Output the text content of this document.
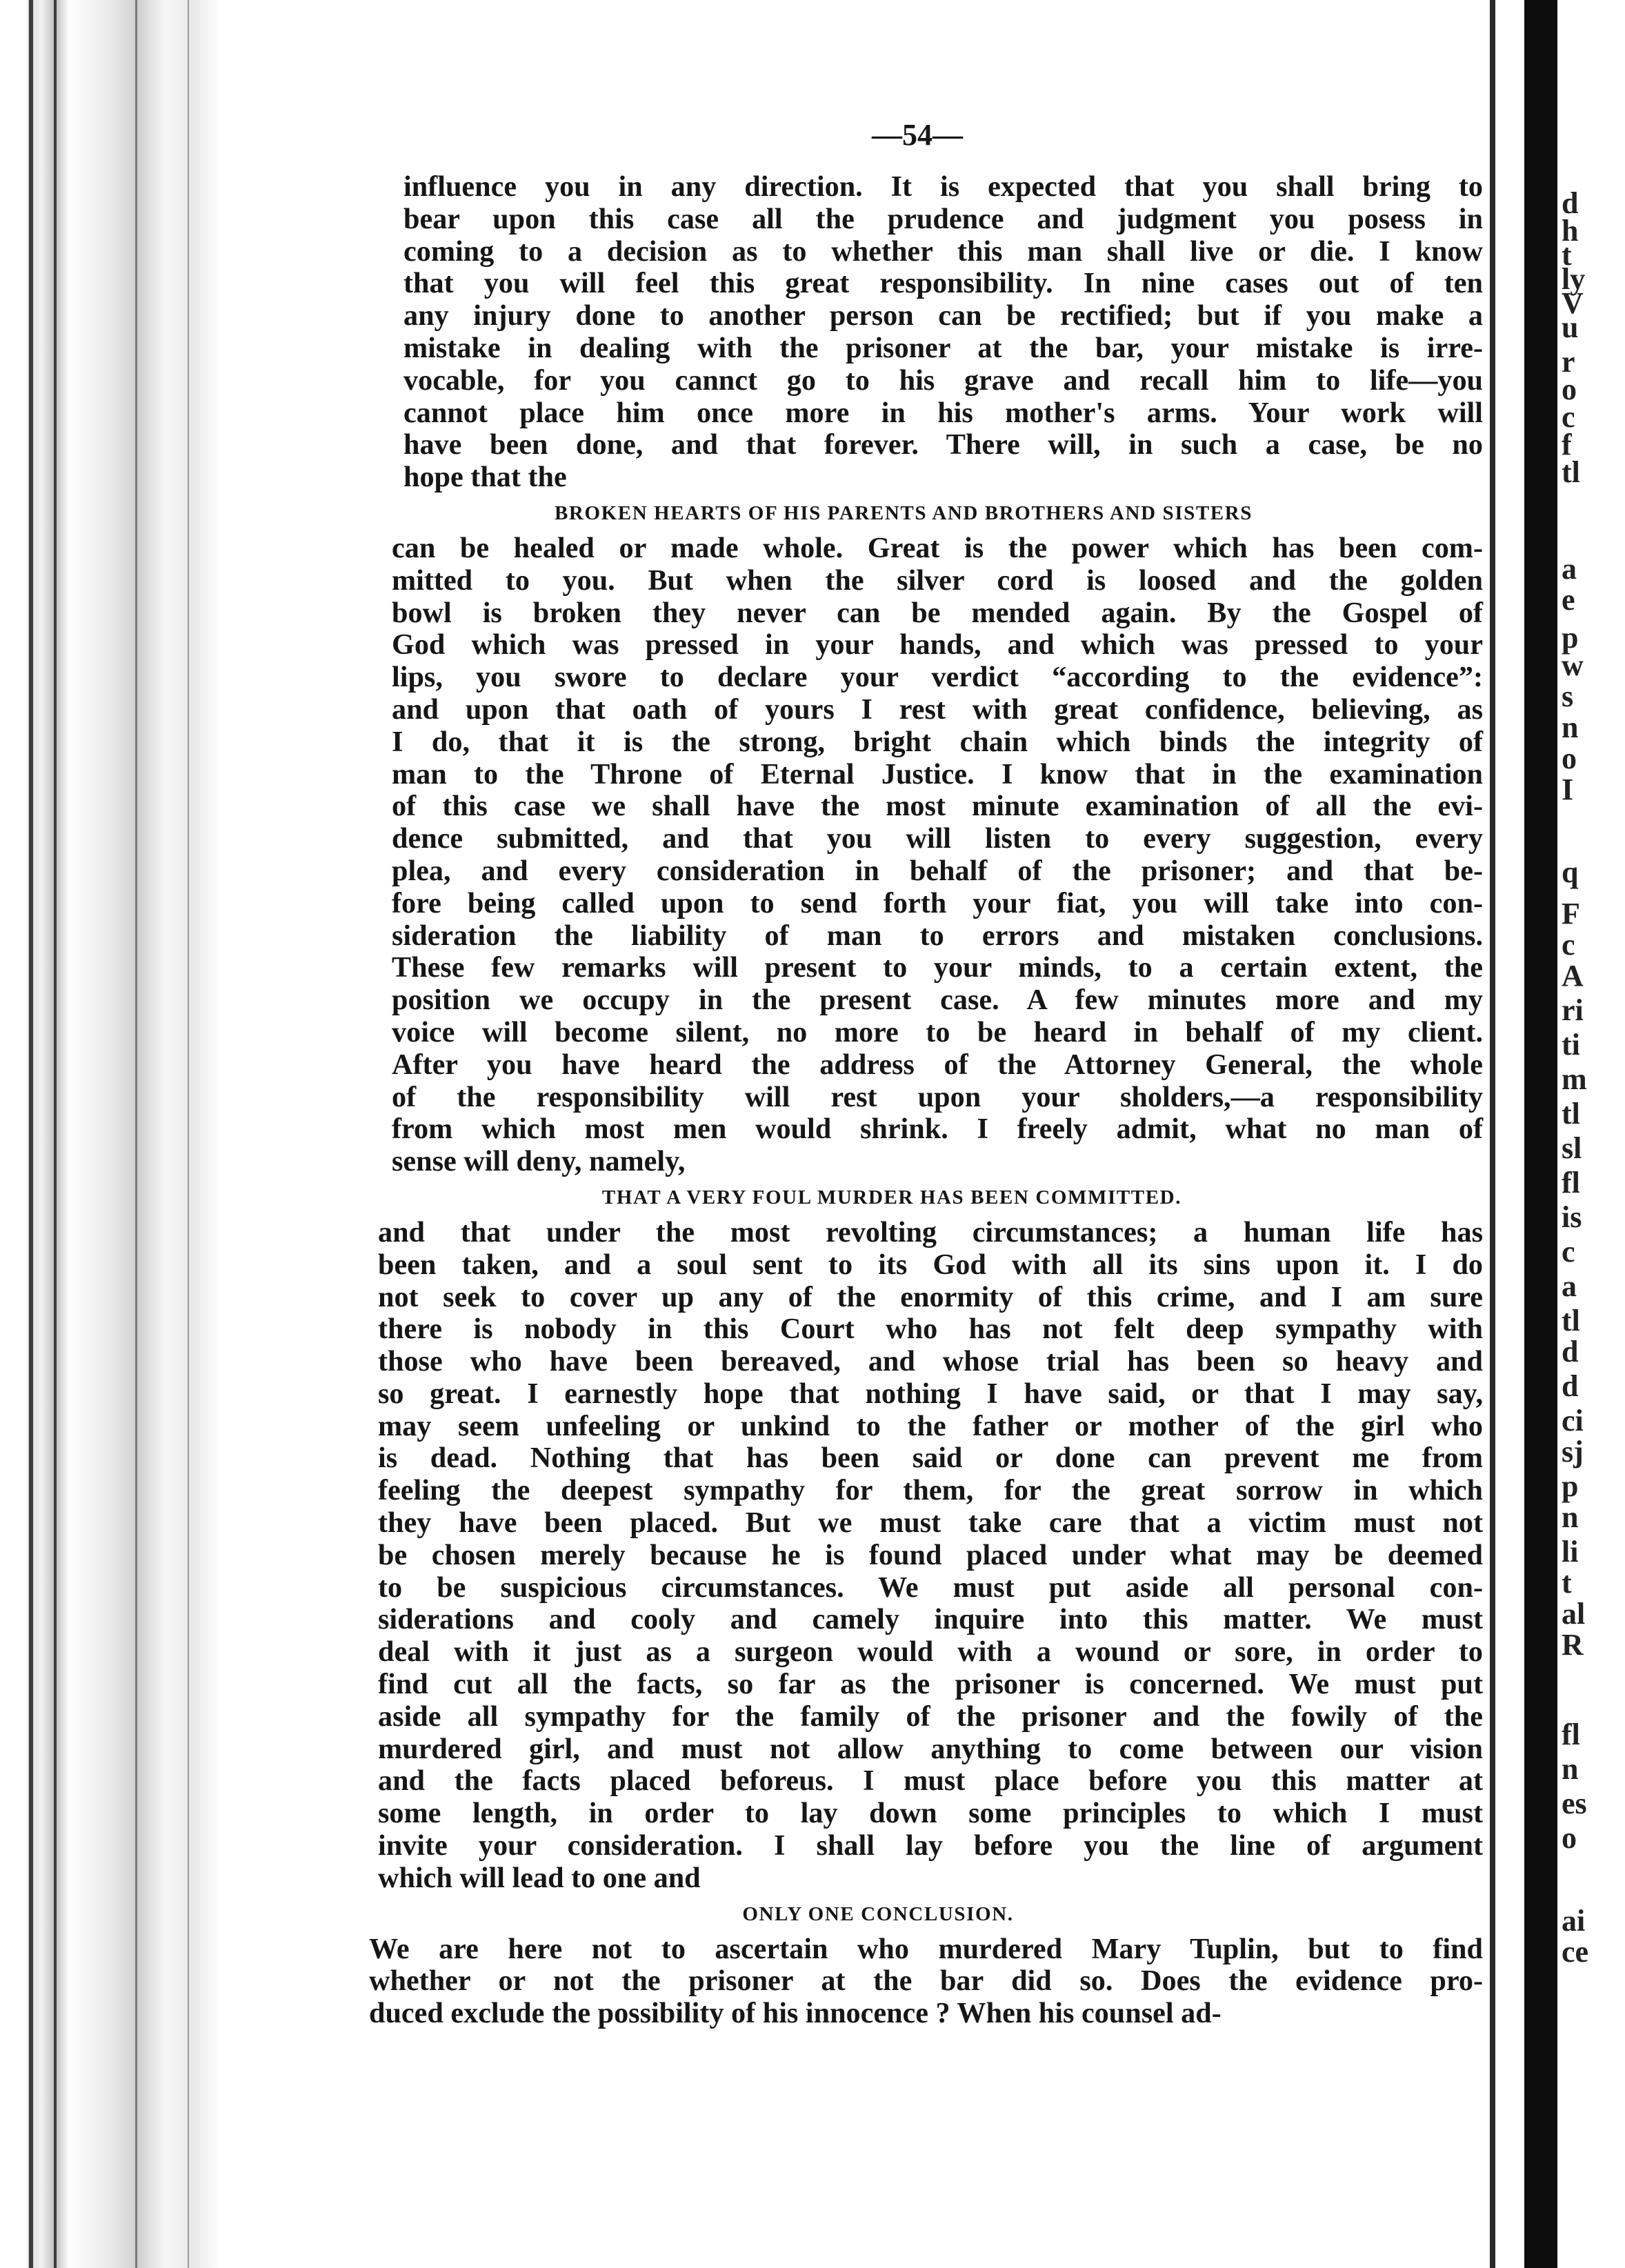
d
h
t
ly
V
u
r
o
c
f
tl
a
e
p
w
s
n
o
I
q
F
c
A
ri
ti
m
tl
sl
fl
is
c
a
tl
d
d
ci
sj
p
n
li
t
al
R
fl
n
es
o
ai
ce
—54—
influence you in any direction. It is expected that you shall bring to
bear upon this case all the prudence and judgment you posess in
coming to a decision as to whether this man shall live or die. I know
that you will feel this great responsibility. In nine cases out of ten
any injury done to another person can be rectified; but if you make a
mistake in dealing with the prisoner at the bar, your mistake is irre-
vocable, for you cannct go to his grave and recall him to life—you
cannot place him once more in his mother's arms. Your work will
have been done, and that forever. There will, in such a case, be no
hope that the
BROKEN HEARTS OF HIS PARENTS AND BROTHERS AND SISTERS
can be healed or made whole. Great is the power which has been com-
mitted to you. But when the silver cord is loosed and the golden
bowl is broken they never can be mended again. By the Gospel of
God which was pressed in your hands, and which was pressed to your
lips, you swore to declare your verdict “according to the evidence”:
and upon that oath of yours I rest with great confidence, believing, as
I do, that it is the strong, bright chain which binds the integrity of
man to the Throne of Eternal Justice. I know that in the examination
of this case we shall have the most minute examination of all the evi-
dence submitted, and that you will listen to every suggestion, every
plea, and every consideration in behalf of the prisoner; and that be-
fore being called upon to send forth your fiat, you will take into con-
sideration the liability of man to errors and mistaken conclusions.
These few remarks will present to your minds, to a certain extent, the
position we occupy in the present case. A few minutes more and my
voice will become silent, no more to be heard in behalf of my client.
After you have heard the address of the Attorney General, the whole
of the responsibility will rest upon your sholders,—a responsibility
from which most men would shrink. I freely admit, what no man of
sense will deny, namely,
THAT A VERY FOUL MURDER HAS BEEN COMMITTED.
and that under the most revolting circumstances; a human life has
been taken, and a soul sent to its God with all its sins upon it. I do
not seek to cover up any of the enormity of this crime, and I am sure
there is nobody in this Court who has not felt deep sympathy with
those who have been bereaved, and whose trial has been so heavy and
so great. I earnestly hope that nothing I have said, or that I may say,
may seem unfeeling or unkind to the father or mother of the girl who
is dead. Nothing that has been said or done can prevent me from
feeling the deepest sympathy for them, for the great sorrow in which
they have been placed. But we must take care that a victim must not
be chosen merely because he is found placed under what may be deemed
to be suspicious circumstances. We must put aside all personal con-
siderations and cooly and camely inquire into this matter. We must
deal with it just as a surgeon would with a wound or sore, in order to
find cut all the facts, so far as the prisoner is concerned. We must put
aside all sympathy for the family of the prisoner and the fowily of the
murdered girl, and must not allow anything to come between our vision
and the facts placed beforeus. I must place before you this matter at
some length, in order to lay down some principles to which I must
invite your consideration. I shall lay before you the line of argument
which will lead to one and
ONLY ONE CONCLUSION.
We are here not to ascertain who murdered Mary Tuplin, but to find
whether or not the prisoner at the bar did so. Does the evidence pro-
duced exclude the possibility of his innocence ? When his counsel ad-
